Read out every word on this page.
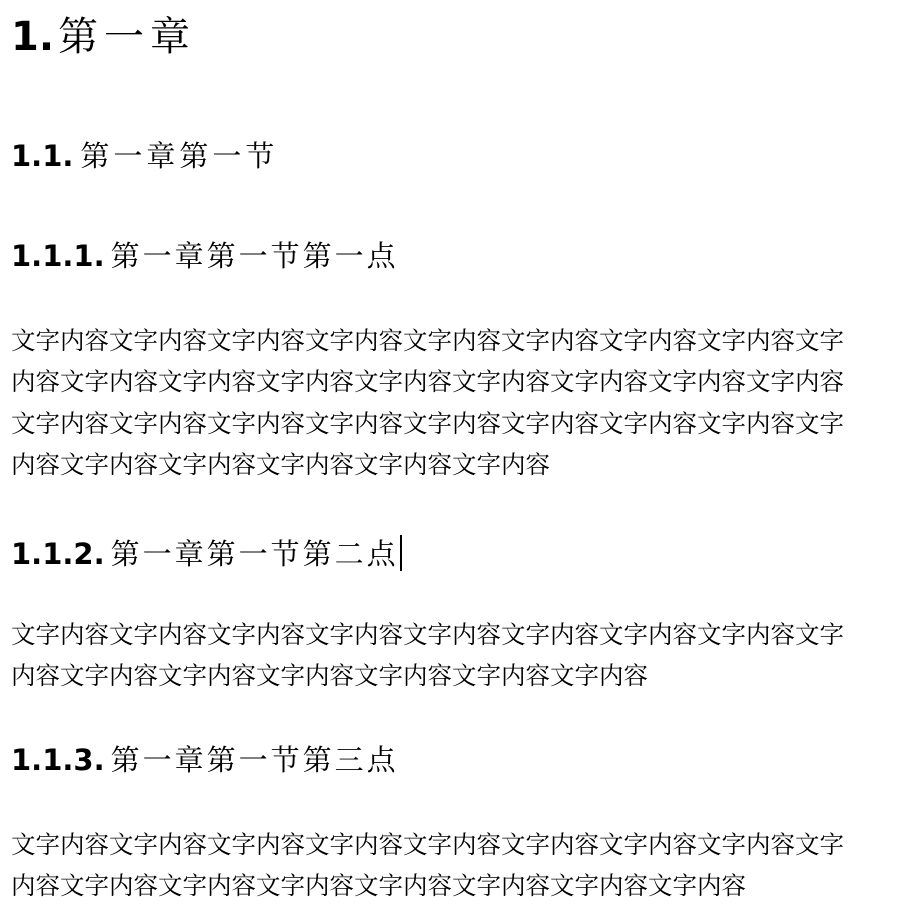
1. 第一章
1.1. 第一章第一节
1.1.1. 第一章第一节第一点
文字内容文字内容文字内容文字内容文字内容文字内容文字内容文字内容文字内容文字内容文字内容文字内容文字内容文字内容文字内容文字内容文字内容文字内容文字内容文字内容文字内容文字内容文字内容文字内容文字内容文字内容文字内容文字内容文字内容文字内容文字内容
1.1.2. 第一章第一节第二点
文字内容文字内容文字内容文字内容文字内容文字内容文字内容文字内容文字内容文字内容文字内容文字内容文字内容文字内容文字内容
1.1.3. 第一章第一节第三点
文字内容文字内容文字内容文字内容文字内容文字内容文字内容文字内容文字内容文字内容文字内容文字内容文字内容文字内容文字内容文字内容
